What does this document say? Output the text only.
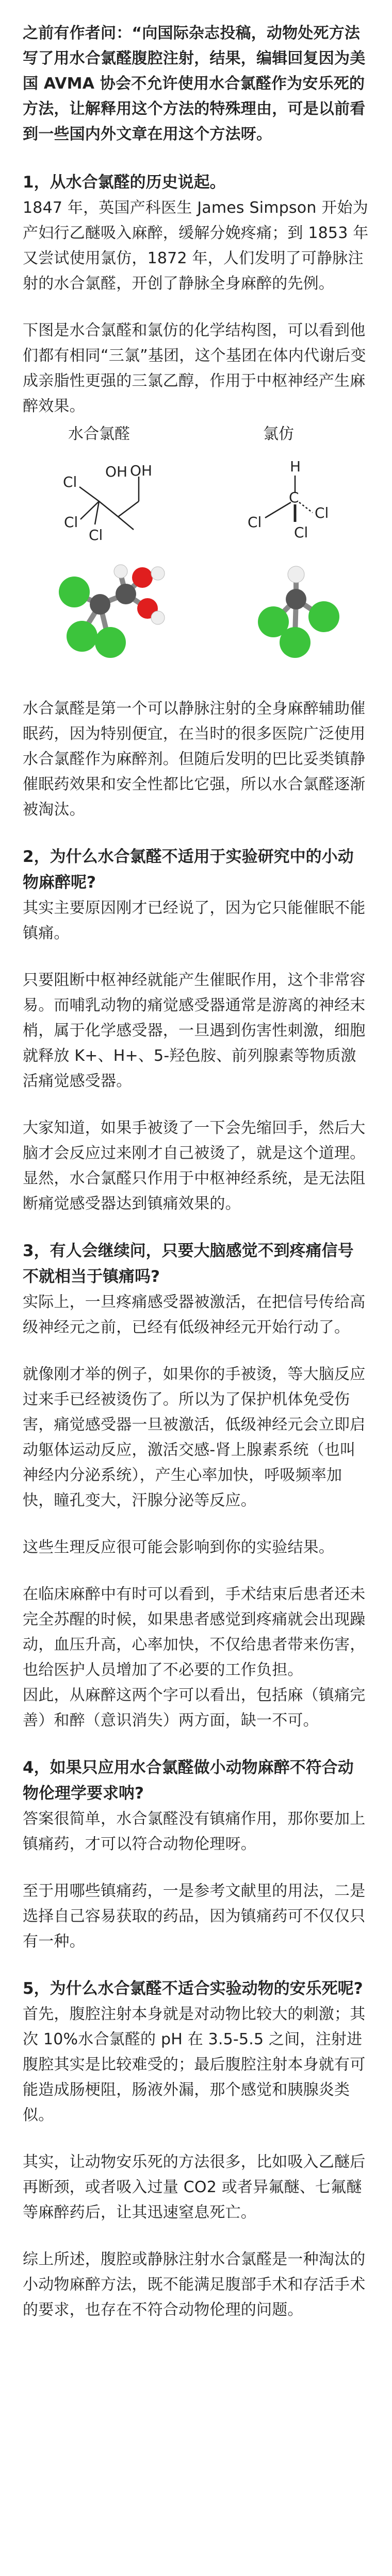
之前有作者问：“向国际杂志投稿，动物处死方法写了用水合氯醛腹腔注射，结果，编辑回复因为美国 AVMA 协会不允许使用水合氯醛作为安乐死的方法，让解释用这个方法的特殊理由，可是以前看到一些国内外文章在用这个方法呀。

1，从水合氯醛的历史说起。

1847 年，英国产科医生 James Simpson 开始为产妇行乙醚吸入麻醉，缓解分娩疼痛；到 1853 年又尝试使用氯仿，1872 年，人们发明了可静脉注射的水合氯醛，开创了静脉全身麻醉的先例。

下图是水合氯醛和氯仿的化学结构图，可以看到他们都有相同“三氯”基团，这个基团在体内代谢后变成亲脂性更强的三氯乙醇，作用于中枢神经产生麻醉效果。

水合氯醛	氯仿
Cl
Cl
Cl
OH OH	H
C
Cl
Cl
Cl

水合氯醛是第一个可以静脉注射的全身麻醉辅助催眠药，因为特别便宜，在当时的很多医院广泛使用水合氯醛作为麻醉剂。但随后发明的巴比妥类镇静催眠药效果和安全性都比它强，所以水合氯醛逐渐被淘汰。

2，为什么水合氯醛不适用于实验研究中的小动物麻醉呢?

其实主要原因刚才已经说了，因为它只能催眠不能镇痛。

只要阻断中枢神经就能产生催眠作用，这个非常容易。而哺乳动物的痛觉感受器通常是游离的神经末梢，属于化学感受器，一旦遇到伤害性刺激，细胞就释放 K+、H+、5-羟色胺、前列腺素等物质激活痛觉感受器。

大家知道，如果手被烫了一下会先缩回手，然后大脑才会反应过来刚才自己被烫了，就是这个道理。显然，水合氯醛只作用于中枢神经系统，是无法阻断痛觉感受器达到镇痛效果的。

3，有人会继续问，只要大脑感觉不到疼痛信号不就相当于镇痛吗?

实际上，一旦疼痛感受器被激活，在把信号传给高级神经元之前，已经有低级神经元开始行动了。

就像刚才举的例子，如果你的手被烫，等大脑反应过来手已经被烫伤了。所以为了保护机体免受伤害，痛觉感受器一旦被激活，低级神经元会立即启动躯体运动反应，激活交感-肾上腺素系统（也叫神经内分泌系统），产生心率加快，呼吸频率加快，瞳孔变大，汗腺分泌等反应。

这些生理反应很可能会影响到你的实验结果。

在临床麻醉中有时可以看到，手术结束后患者还未完全苏醒的时候，如果患者感觉到疼痛就会出现躁动，血压升高，心率加快，不仅给患者带来伤害，也给医护人员增加了不必要的工作负担。

因此，从麻醉这两个字可以看出，包括麻（镇痛完善）和醉（意识消失）两方面，缺一不可。

4，如果只应用水合氯醛做小动物麻醉不符合动物伦理学要求呐?

答案很简单，水合氯醛没有镇痛作用，那你要加上镇痛药，才可以符合动物伦理呀。

至于用哪些镇痛药，一是参考文献里的用法，二是选择自己容易获取的药品，因为镇痛药可不仅仅只有一种。

5，为什么水合氯醛不适合实验动物的安乐死呢?

首先，腹腔注射本身就是对动物比较大的刺激；其次 10%水合氯醛的 pH 在 3.5-5.5 之间，注射进腹腔其实是比较难受的；最后腹腔注射本身就有可能造成肠梗阻，肠液外漏，那个感觉和胰腺炎类似。

其实，让动物安乐死的方法很多，比如吸入乙醚后再断颈，或者吸入过量 CO2 或者异氟醚、七氟醚等麻醉药后，让其迅速窒息死亡。

综上所述，腹腔或静脉注射水合氯醛是一种淘汰的小动物麻醉方法，既不能满足腹部手术和存活手术的要求，也存在不符合动物伦理的问题。
